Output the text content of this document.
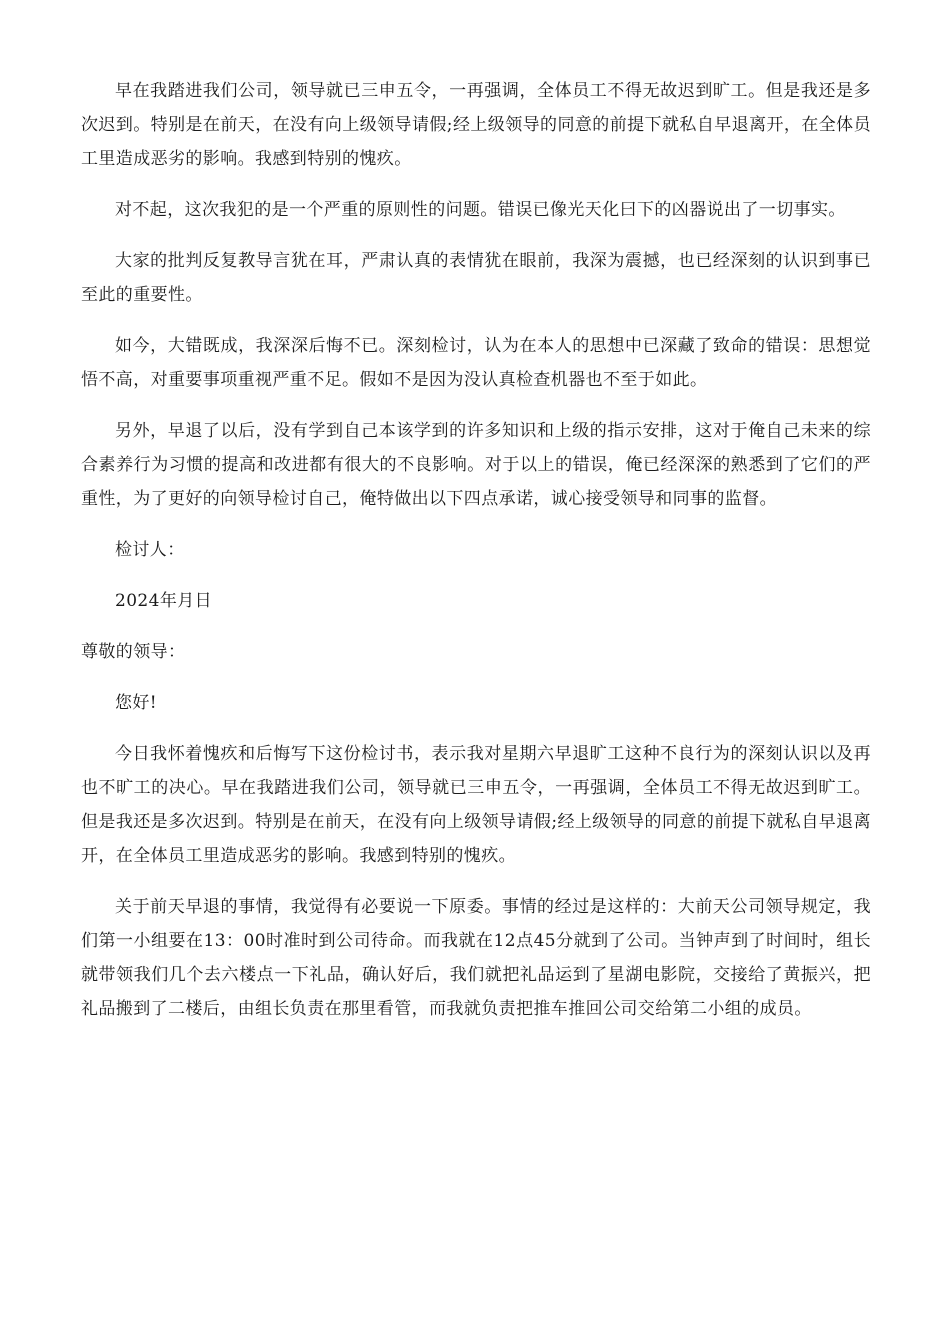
早在我踏进我们公司，领导就已三申五令，一再强调，全体员工不得无故迟到旷工。但是我还是多次迟到。特别是在前天，在没有向上级领导请假;经上级领导的同意的前提下就私自早退离开，在全体员工里造成恶劣的影响。我感到特别的愧疚。

对不起，这次我犯的是一个严重的原则性的问题。错误已像光天化曰下的凶器说出了一切事实。

大家的批判反复教导言犹在耳，严肃认真的表情犹在眼前，我深为震撼，也已经深刻的认识到事已至此的重要性。

如今，大错既成，我深深后悔不已。深刻检讨，认为在本人的思想中已深藏了致命的错误：思想觉悟不高，对重要事项重视严重不足。假如不是因为没认真检查机器也不至于如此。

另外，早退了以后，没有学到自己本该学到的许多知识和上级的指示安排，这对于俺自己未来的综合素养行为习惯的提高和改进都有很大的不良影响。对于以上的错误，俺已经深深的熟悉到了它们的严重性，为了更好的向领导检讨自己，俺特做出以下四点承诺，诚心接受领导和同事的监督。

检讨人：

2024年月日

尊敬的领导：

您好!

今日我怀着愧疚和后悔写下这份检讨书，表示我对星期六早退旷工这种不良行为的深刻认识以及再也不旷工的决心。早在我踏进我们公司，领导就已三申五令，一再强调，全体员工不得无故迟到旷工。但是我还是多次迟到。特别是在前天，在没有向上级领导请假;经上级领导的同意的前提下就私自早退离开，在全体员工里造成恶劣的影响。我感到特别的愧疚。

关于前天早退的事情，我觉得有必要说一下原委。事情的经过是这样的：大前天公司领导规定，我们第一小组要在13：00时准时到公司待命。而我就在12点45分就到了公司。当钟声到了时间时，组长就带领我们几个去六楼点一下礼品，确认好后，我们就把礼品运到了星湖电影院，交接给了黄振兴，把礼品搬到了二楼后，由组长负责在那里看管，而我就负责把推车推回公司交给第二小组的成员。
